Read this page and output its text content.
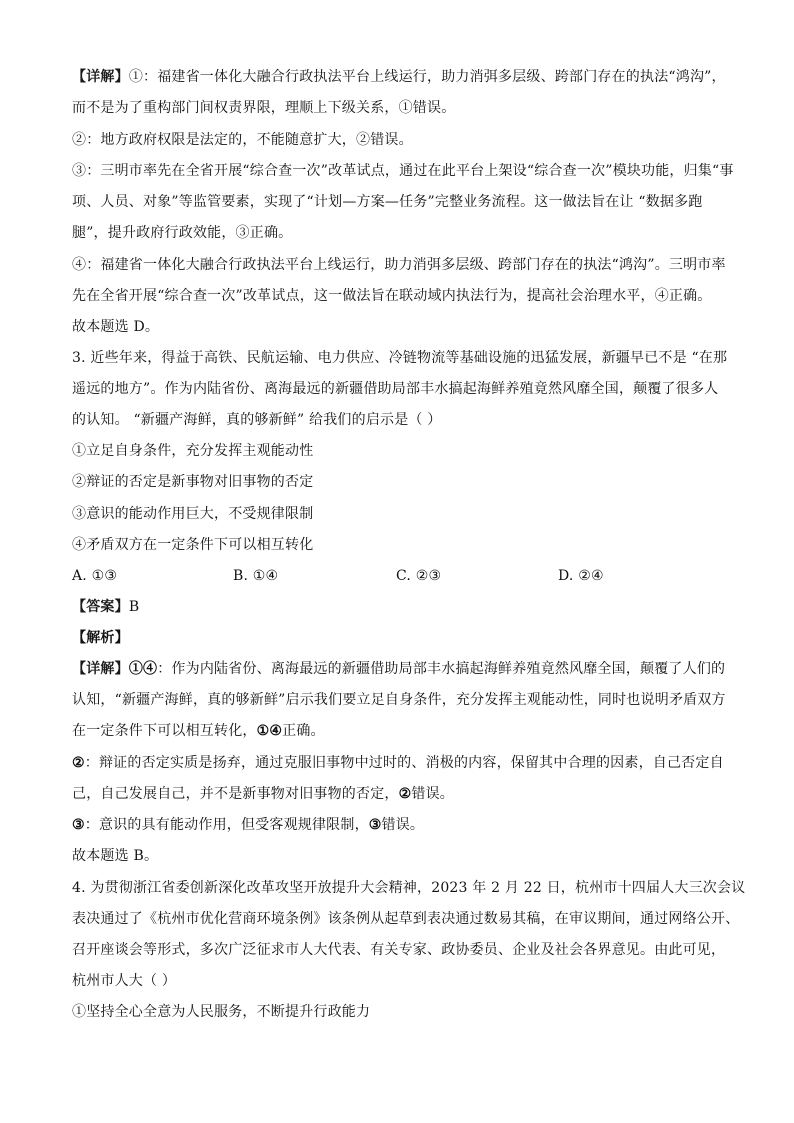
【详解】①：福建省一体化大融合行政执法平台上线运行，助力消弭多层级、跨部门存在的执法“鸿沟”，
而不是为了重构部门间权责界限，理顺上下级关系，①错误。
②：地方政府权限是法定的，不能随意扩大，②错误。
③：三明市率先在全省开展“综合查一次”改革试点，通过在此平台上架设“综合查一次”模块功能，归集“事
项、人员、对象”等监管要素，实现了“计划—方案—任务”完整业务流程。这一做法旨在让 “数据多跑
腿”，提升政府行政效能，③正确。
④：福建省一体化大融合行政执法平台上线运行，助力消弭多层级、跨部门存在的执法“鸿沟”。三明市率
先在全省开展“综合查一次”改革试点，这一做法旨在联动域内执法行为，提高社会治理水平，④正确。
故本题选 D。
3. 近些年来，得益于高铁、民航运输、电力供应、冷链物流等基础设施的迅猛发展，新疆早已不是 “在那
遥远的地方”。作为内陆省份、离海最远的新疆借助局部丰水搞起海鲜养殖竟然风靡全国，颠覆了很多人
的认知。 “新疆产海鲜，真的够新鲜” 给我们的启示是（ ）
①立足自身条件，充分发挥主观能动性
②辩证的否定是新事物对旧事物的否定
③意识的能动作用巨大，不受规律限制
④矛盾双方在一定条件下可以相互转化
A. ①③	B. ①④	C. ②③	D. ②④
【答案】B
【解析】
【详解】①④：作为内陆省份、离海最远的新疆借助局部丰水搞起海鲜养殖竟然风靡全国，颠覆了人们的
认知，“新疆产海鲜，真的够新鲜”启示我们要立足自身条件，充分发挥主观能动性，同时也说明矛盾双方
在一定条件下可以相互转化，①④正确。
②：辩证的否定实质是扬弃，通过克服旧事物中过时的、消极的内容，保留其中合理的因素，自己否定自
己，自己发展自己，并不是新事物对旧事物的否定，②错误。
③：意识的具有能动作用，但受客观规律限制，③错误。
故本题选 B。
4. 为贯彻浙江省委创新深化改革攻坚开放提升大会精神，2023 年 2 月 22 日，杭州市十四届人大三次会议
表决通过了《杭州市优化营商环境条例》该条例从起草到表决通过数易其稿，在审议期间，通过网络公开、
召开座谈会等形式，多次广泛征求市人大代表、有关专家、政协委员、企业及社会各界意见。由此可见，
杭州市人大（ ）
①坚持全心全意为人民服务，不断提升行政能力
